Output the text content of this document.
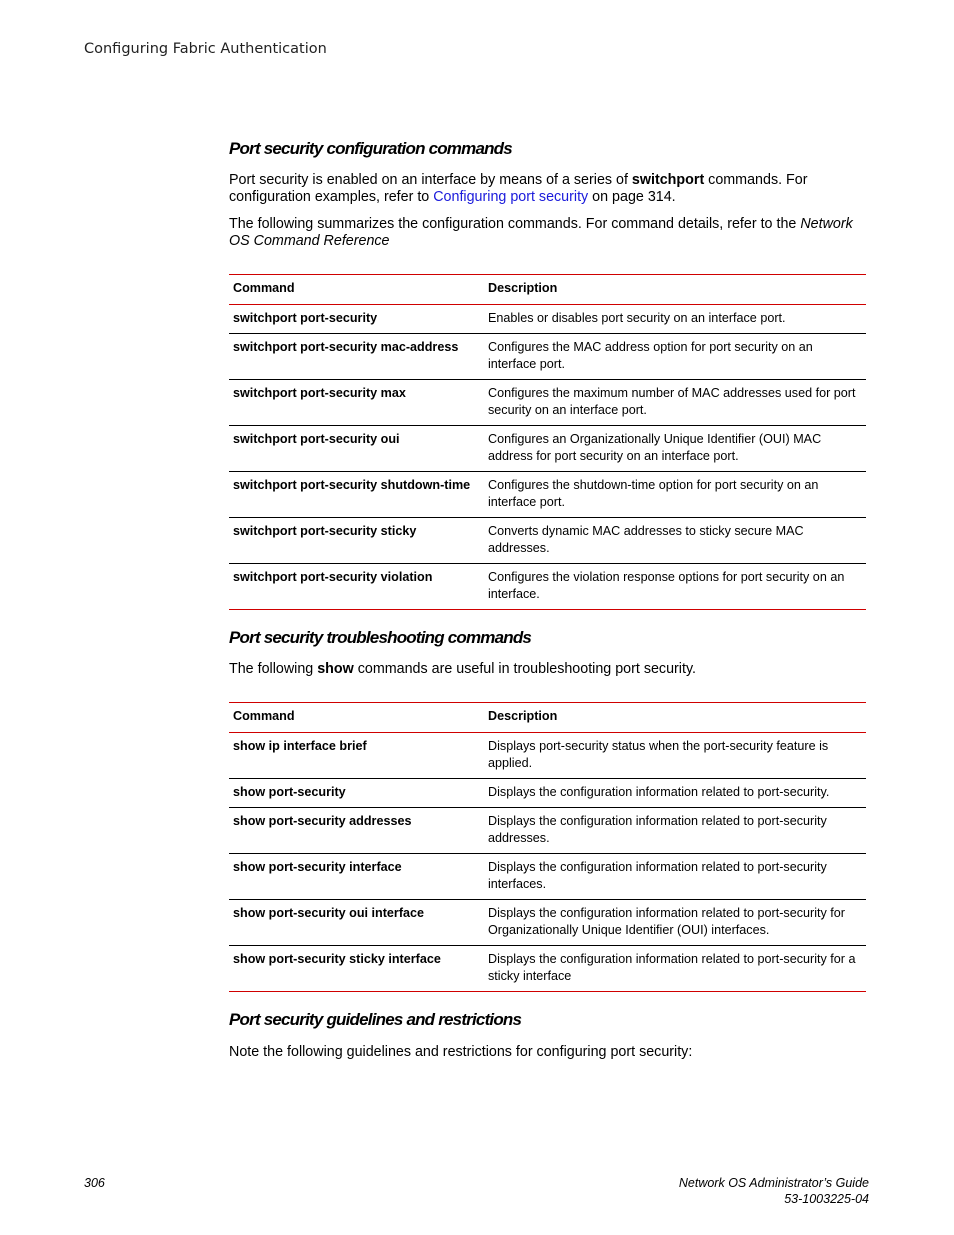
Configuring Fabric Authentication
Port security configuration commands

Port security is enabled on an interface by means of a series of switchport commands. For configuration examples, refer to Configuring port security on page 314.

The following summarizes the configuration commands. For command details, refer to the Network OS Command Reference

Command	Description
switchport port-security	Enables or disables port security on an interface port.
switchport port-security mac-address	Configures the MAC address option for port security on an interface port.
switchport port-security max	Configures the maximum number of MAC addresses used for port security on an interface port.
switchport port-security oui	Configures an Organizationally Unique Identifier (OUI) MAC address for port security on an interface port.
switchport port-security shutdown-time	Configures the shutdown-time option for port security on an interface port.
switchport port-security sticky	Converts dynamic MAC addresses to sticky secure MAC addresses.
switchport port-security violation	Configures the violation response options for port security on an interface.
Port security troubleshooting commands

The following show commands are useful in troubleshooting port security.

Command	Description
show ip interface brief	Displays port-security status when the port-security feature is applied.
show port-security	Displays the configuration information related to port-security.
show port-security addresses	Displays the configuration information related to port-security addresses.
show port-security interface	Displays the configuration information related to port-security interfaces.
show port-security oui interface	Displays the configuration information related to port-security for Organizationally Unique Identifier (OUI) interfaces.
show port-security sticky interface	Displays the configuration information related to port-security for a sticky interface
Port security guidelines and restrictions

Note the following guidelines and restrictions for configuring port security:

306	Network OS Administrator’s Guide
53-1003225-04
